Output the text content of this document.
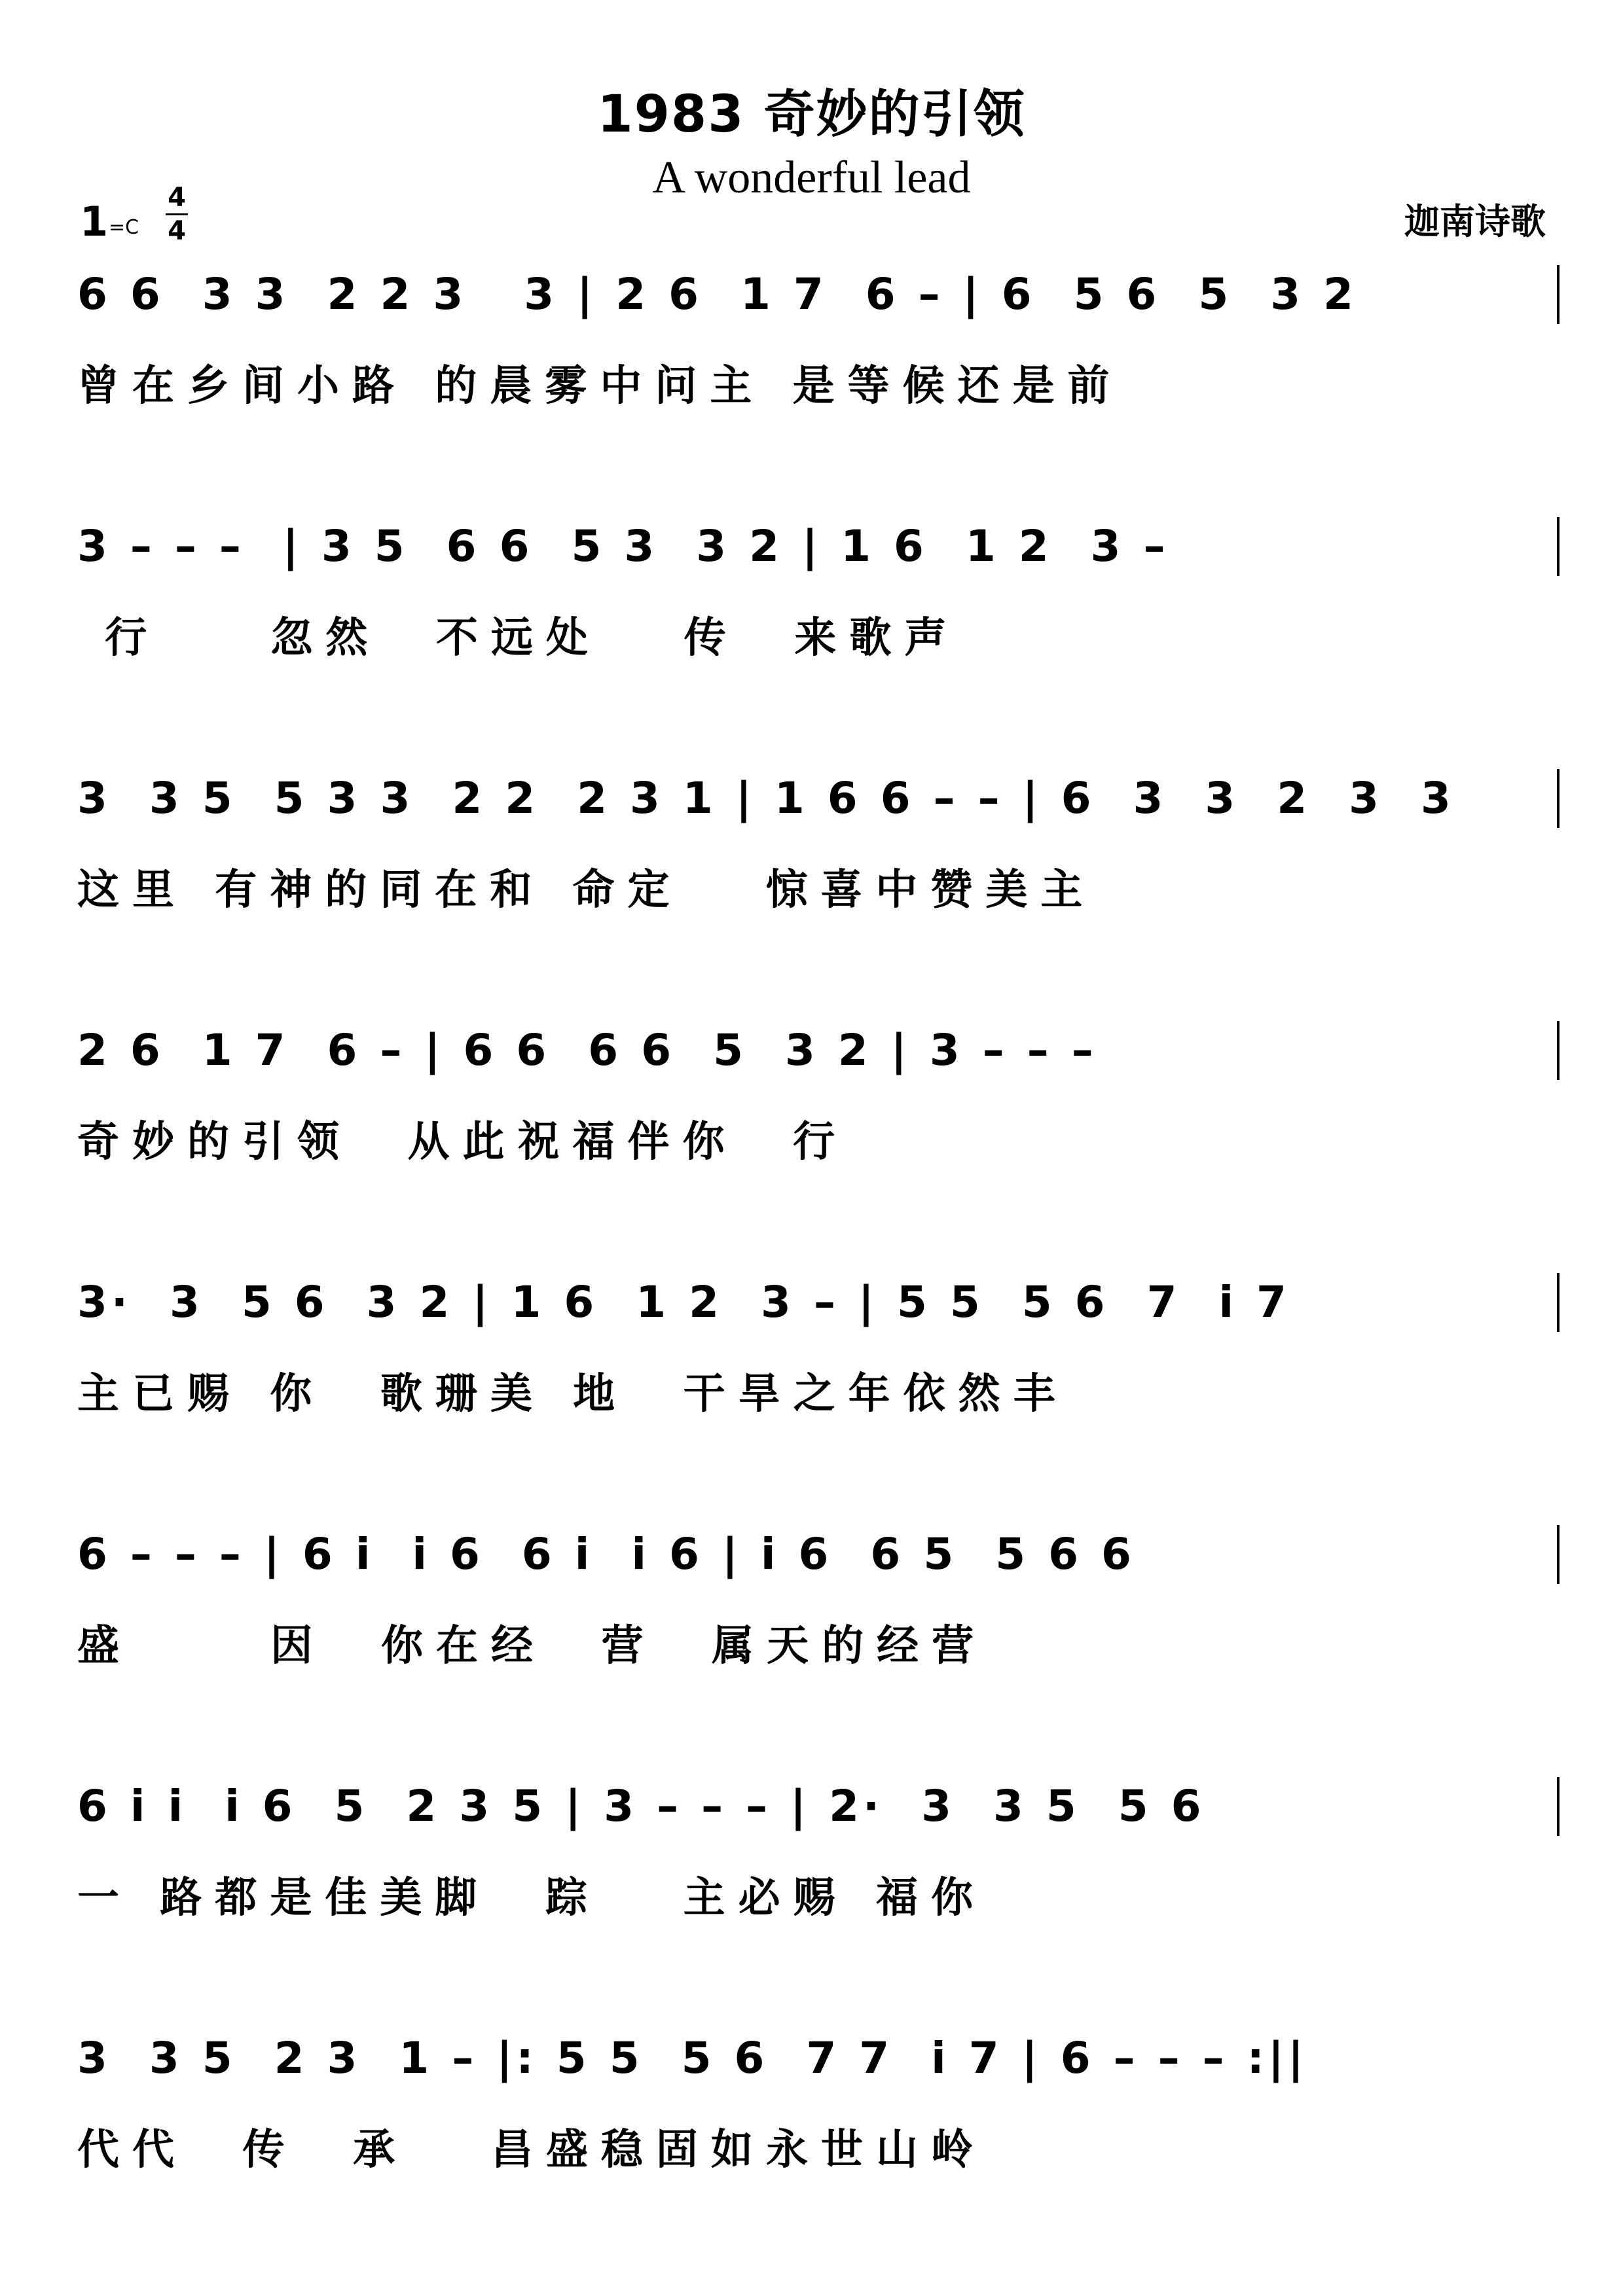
1983 奇妙的引领
A wonderful lead
迦南诗歌
1 =C
4
4
6 6  3 3  2 2 3   3 | 2 6  1 7  6 – | 6  5 6  5  3 2
曾在乡间小路 的晨雾中问主 是等候还是前
3 – – –  | 3 5  6 6  5 3  3 2 | 1 6  1 2  3 –
行    忽然  不远处   传  来歌声
3  3 5  5 3 3  2 2  2 3 1 | 1 6 6 – – | 6  3  3  2  3  3
这里 有神的同在和 命定   惊喜中赞美主
2 6  1 7  6 – | 6 6  6 6  5  3 2 | 3 – – –
奇妙的引领  从此祝福伴你  行
3·  3  5 6  3 2 | 1 6  1 2  3 – | 5 5  5 6  7  i 7
主已赐 你  歌珊美 地  干旱之年依然丰
6 – – – | 6 i  i 6  6 i  i 6 | i 6  6 5  5 6 6
盛     因  你在经  营  属天的经营
6 i i  i 6  5  2 3 5 | 3 – – – | 2·  3  3 5  5 6
一 路都是佳美脚  踪   主必赐 福你
3  3 5  2 3  1 – |: 5 5  5 6  7 7  i 7 | 6 – – – :||
代代  传  承   昌盛稳固如永世山岭
